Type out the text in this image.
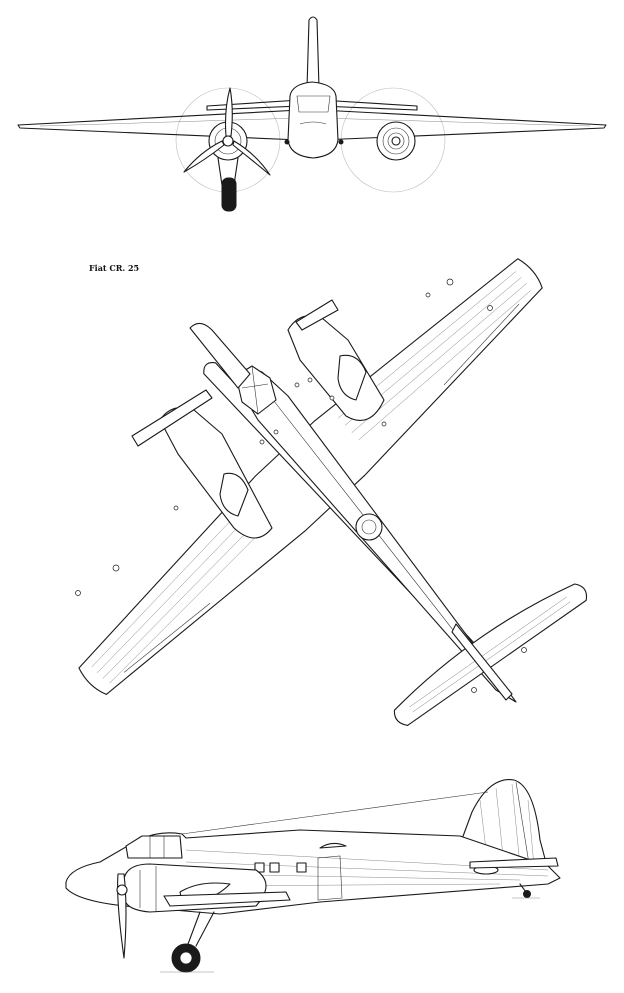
Fiat CR. 25
